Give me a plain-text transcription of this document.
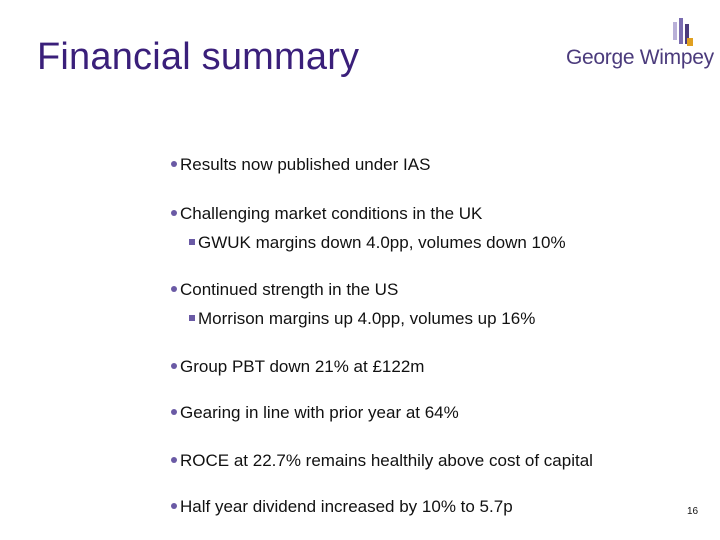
Financial summary	George Wimpey
Results now published under IAS
Challenging market conditions in the UK
GWUK margins down 4.0pp, volumes down 10%
Continued strength in the US
Morrison margins up 4.0pp, volumes up 16%
Group PBT down 21% at £122m
Gearing in line with prior year at 64%
ROCE at 22.7% remains healthily above cost of capital
Half year dividend increased by 10% to 5.7p	16
